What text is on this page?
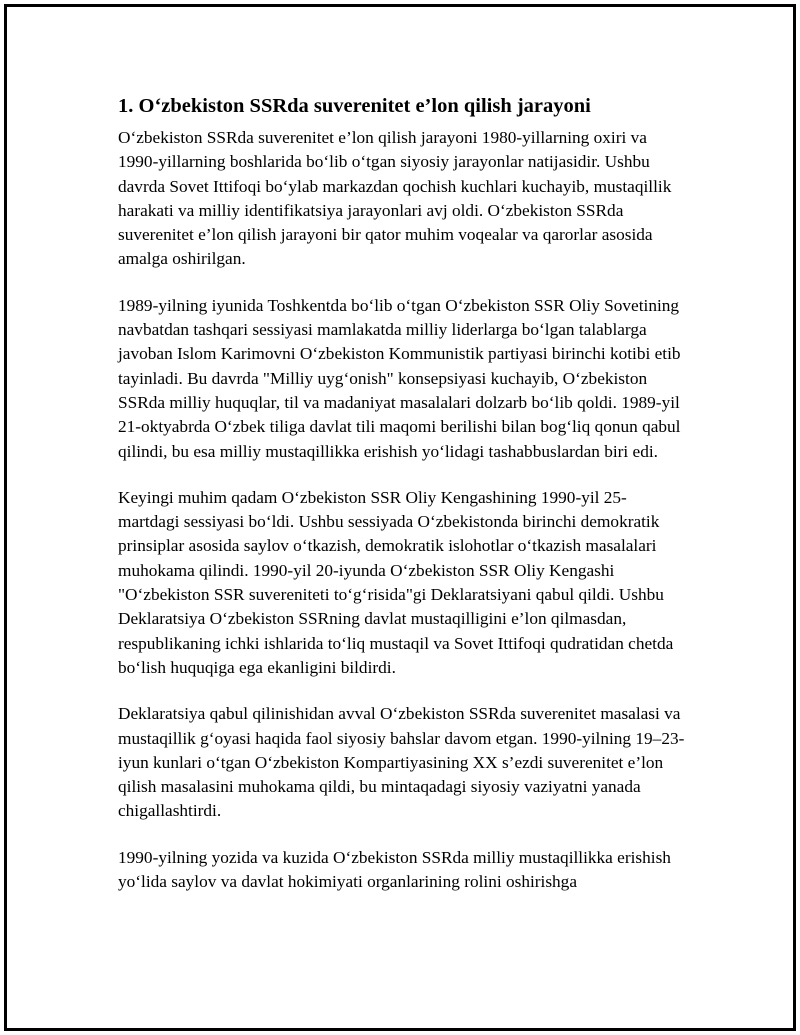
1. O‘zbekiston SSRda suverenitet e’lon qilish jarayoni

O‘zbekiston SSRda suverenitet e’lon qilish jarayoni 1980-yillarning oxiri va 1990-yillarning boshlarida bo‘lib o‘tgan siyosiy jarayonlar natijasidir. Ushbu davrda Sovet Ittifoqi bo‘ylab markazdan qochish kuchlari kuchayib, mustaqillik harakati va milliy identifikatsiya jarayonlari avj oldi. O‘zbekiston SSRda suverenitet e’lon qilish jarayoni bir qator muhim voqealar va qarorlar asosida amalga oshirilgan.

1989-yilning iyunida Toshkentda bo‘lib o‘tgan O‘zbekiston SSR Oliy Sovetining navbatdan tashqari sessiyasi mamlakatda milliy liderlarga bo‘lgan talablarga javoban Islom Karimovni O‘zbekiston Kommunistik partiyasi birinchi kotibi etib tayinladi. Bu davrda "Milliy uyg‘onish" konsepsiyasi kuchayib, O‘zbekiston SSRda milliy huquqlar, til va madaniyat masalalari dolzarb bo‘lib qoldi. 1989-yil 21-oktyabrda O‘zbek tiliga davlat tili maqomi berilishi bilan bog‘liq qonun qabul qilindi, bu esa milliy mustaqillikka erishish yo‘lidagi tashabbuslardan biri edi.

Keyingi muhim qadam O‘zbekiston SSR Oliy Kengashining 1990-yil 25-martdagi sessiyasi bo‘ldi. Ushbu sessiyada O‘zbekistonda birinchi demokratik prinsiplar asosida saylov o‘tkazish, demokratik islohotlar o‘tkazish masalalari muhokama qilindi. 1990-yil 20-iyunda O‘zbekiston SSR Oliy Kengashi "O‘zbekiston SSR suvereniteti to‘g‘risida"gi Deklaratsiyani qabul qildi. Ushbu Deklaratsiya O‘zbekiston SSRning davlat mustaqilligini e’lon qilmasdan, respublikaning ichki ishlarida to‘liq mustaqil va Sovet Ittifoqi qudratidan chetda bo‘lish huquqiga ega ekanligini bildirdi.

Deklaratsiya qabul qilinishidan avval O‘zbekiston SSRda suverenitet masalasi va mustaqillik g‘oyasi haqida faol siyosiy bahslar davom etgan. 1990-yilning 19–23-iyun kunlari o‘tgan O‘zbekiston Kompartiyasining XX s’ezdi suverenitet e’lon qilish masalasini muhokama qildi, bu mintaqadagi siyosiy vaziyatni yanada chigallashtirdi.

1990-yilning yozida va kuzida O‘zbekiston SSRda milliy mustaqillikka erishish yo‘lida saylov va davlat hokimiyati organlarining rolini oshirishga
